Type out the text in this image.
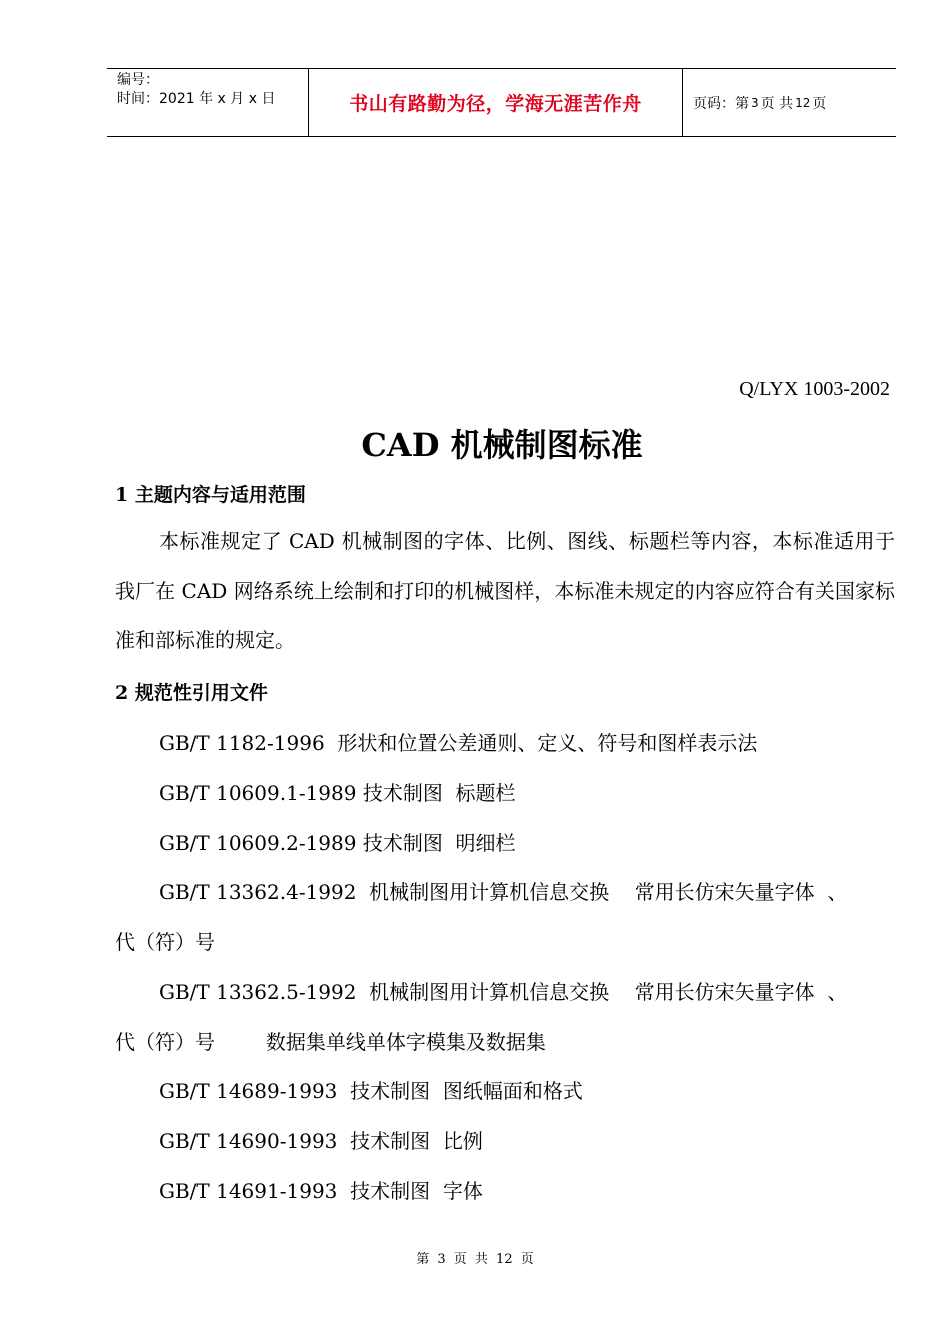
编号：
时间：2021 年 x 月 x 日	书山有路勤为径，学海无涯苦作舟	页码：第 3 页 共 12 页
Q/LYX 1003-2002
CAD 机械制图标准
1 主题内容与适用范围
本标准规定了 CAD 机械制图的字体、比例、图线、标题栏等内容，本标准适用于我厂在 CAD 网络系统上绘制和打印的机械图样，本标准未规定的内容应符合有关国家标准和部标准的规定。
2 规范性引用文件
GB/T 1182-1996  形状和位置公差通则、定义、符号和图样表示法
GB/T 10609.1-1989 技术制图  标题栏
GB/T 10609.2-1989 技术制图  明细栏
GB/T 13362.4-1992  机械制图用计算机信息交换    常用长仿宋矢量字体  、
代（符）号
GB/T 13362.5-1992  机械制图用计算机信息交换    常用长仿宋矢量字体  、
代（符）号        数据集单线单体字模集及数据集
GB/T 14689-1993  技术制图  图纸幅面和格式
GB/T 14690-1993  技术制图  比例
GB/T 14691-1993  技术制图  字体
第 3 页 共 12 页
